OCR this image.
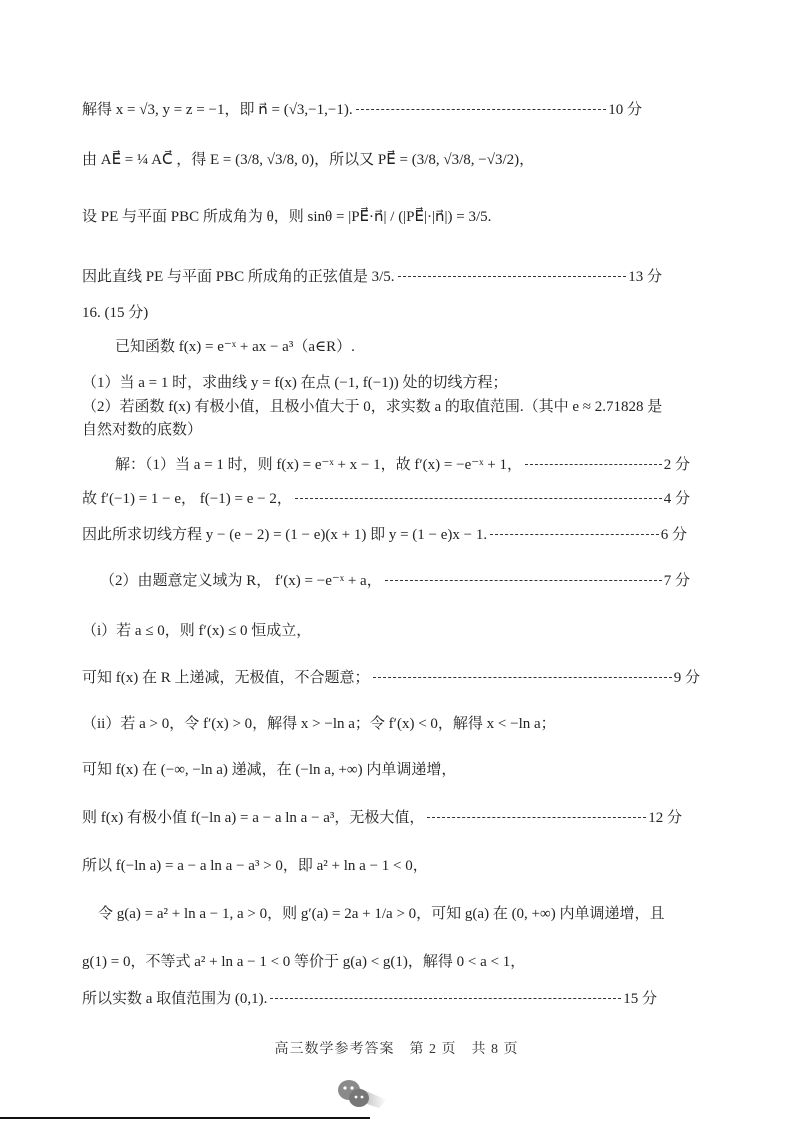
解得 x = √3, y = z = −1，即 n⃗ = (√3,−1,−1).	10 分
由 AE⃗ = ¼ AC⃗ ，得 E = (3/8, √3/8, 0)，所以又 PE⃗ = (3/8, √3/8, −√3/2)，
设 PE 与平面 PBC 所成角为 θ，则 sinθ = |PE⃗·n⃗| / (|PE⃗|·|n⃗|) = 3/5.
因此直线 PE 与平面 PBC 所成角的正弦值是 3/5.	13 分
16. (15 分)
已知函数 f(x) = e⁻ˣ + ax − a³（a∈R）.
（1）当 a = 1 时，求曲线 y = f(x) 在点 (−1, f(−1)) 处的切线方程；
（2）若函数 f(x) 有极小值，且极小值大于 0，求实数 a 的取值范围.（其中 e ≈ 2.71828 是
自然对数的底数）
解：（1）当 a = 1 时，则 f(x) = e⁻ˣ + x − 1，故 f′(x) = −e⁻ˣ + 1，	2 分
故 f′(−1) = 1 − e， f(−1) = e − 2，	4 分
因此所求切线方程 y − (e − 2) = (1 − e)(x + 1) 即 y = (1 − e)x − 1.	6 分
（2）由题意定义域为 R， f′(x) = −e⁻ˣ + a，	7 分
（i）若 a ≤ 0，则 f′(x) ≤ 0 恒成立，
可知 f(x) 在 R 上递减，无极值，不合题意；	9 分
（ii）若 a > 0，令 f′(x) > 0，解得 x > −ln a；令 f′(x) < 0，解得 x < −ln a；
可知 f(x) 在 (−∞, −ln a) 递减，在 (−ln a, +∞) 内单调递增，
则 f(x) 有极小值 f(−ln a) = a − a ln a − a³，无极大值，	12 分
所以 f(−ln a) = a − a ln a − a³ > 0，即 a² + ln a − 1 < 0，
令 g(a) = a² + ln a − 1, a > 0，则 g′(a) = 2a + 1/a > 0，可知 g(a) 在 (0, +∞) 内单调递增，且
g(1) = 0，不等式 a² + ln a − 1 < 0 等价于 g(a) < g(1)，解得 0 < a < 1，
所以实数 a 取值范围为 (0,1).	15 分
高三数学参考答案　第 2 页　共 8 页
